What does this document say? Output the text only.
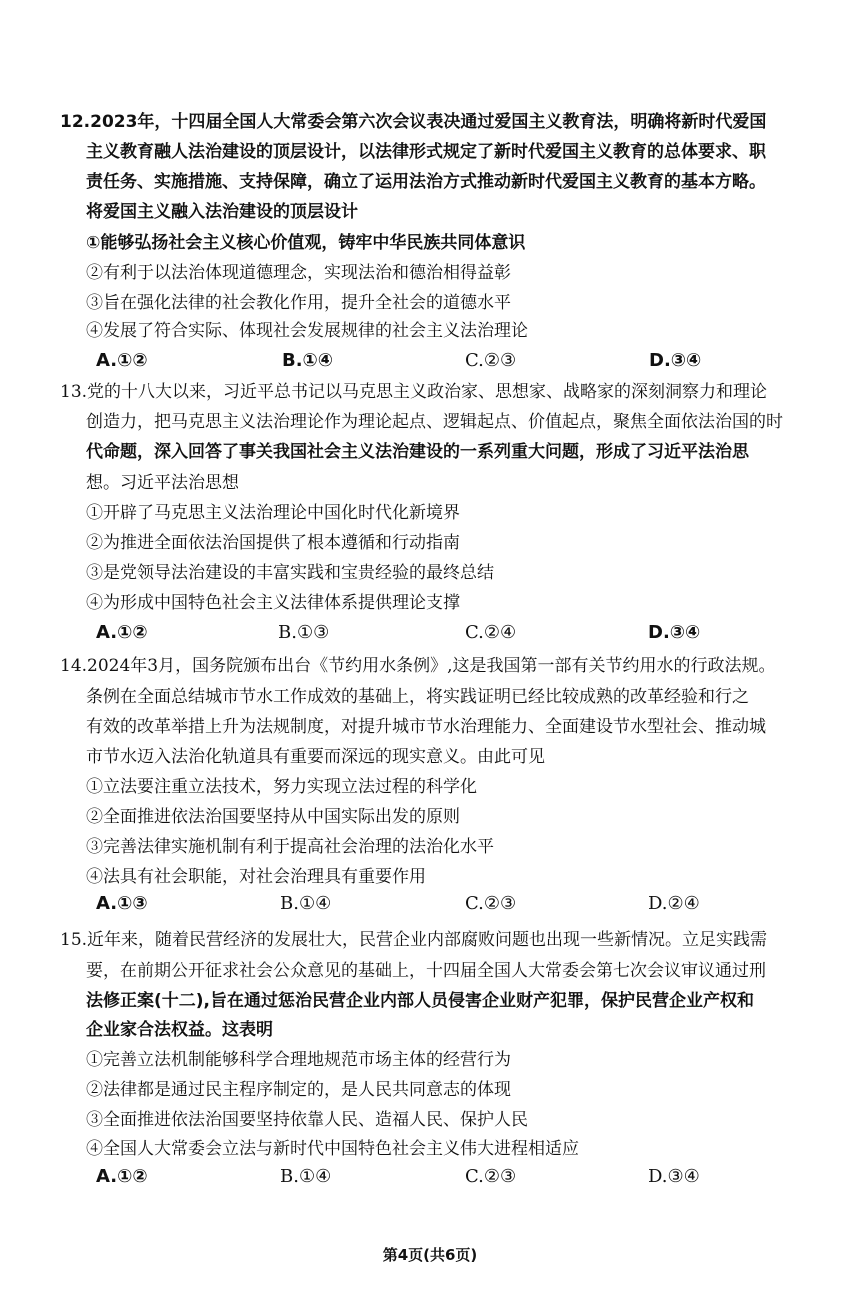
12.2023年，十四届全国人大常委会第六次会议表决通过爱国主义教育法，明确将新时代爱国
主义教育融人法治建设的顶层设计，以法律形式规定了新时代爱国主义教育的总体要求、职
责任务、实施措施、支持保障，确立了运用法治方式推动新时代爱国主义教育的基本方略。
将爱国主义融入法治建设的顶层设计
①能够弘扬社会主义核心价值观，铸牢中华民族共同体意识
②有利于以法治体现道德理念，实现法治和德治相得益彰
③旨在强化法律的社会教化作用，提升全社会的道德水平
④发展了符合实际、体现社会发展规律的社会主义法治理论
A.①②	B.①④	C.②③	D.③④
13.党的十八大以来，习近平总书记以马克思主义政治家、思想家、战略家的深刻洞察力和理论
创造力，把马克思主义法治理论作为理论起点、逻辑起点、价值起点，聚焦全面依法治国的时
代命题，深入回答了事关我国社会主义法治建设的一系列重大问题，形成了习近平法治思
想。习近平法治思想
①开辟了马克思主义法治理论中国化时代化新境界
②为推进全面依法治国提供了根本遵循和行动指南
③是党领导法治建设的丰富实践和宝贵经验的最终总结
④为形成中国特色社会主义法律体系提供理论支撑
A.①②	B.①③	C.②④	D.③④
14.2024年3月，国务院颁布出台《节约用水条例》,这是我国第一部有关节约用水的行政法规。
条例在全面总结城市节水工作成效的基础上，将实践证明已经比较成熟的改革经验和行之
有效的改革举措上升为法规制度，对提升城市节水治理能力、全面建设节水型社会、推动城
市节水迈入法治化轨道具有重要而深远的现实意义。由此可见
①立法要注重立法技术，努力实现立法过程的科学化
②全面推进依法治国要坚持从中国实际出发的原则
③完善法律实施机制有利于提高社会治理的法治化水平
④法具有社会职能，对社会治理具有重要作用
A.①③	B.①④	C.②③	D.②④
15.近年来，随着民营经济的发展壮大，民营企业内部腐败问题也出现一些新情况。立足实践需
要，在前期公开征求社会公众意见的基础上，十四届全国人大常委会第七次会议审议通过刑
法修正案(十二),旨在通过惩治民营企业内部人员侵害企业财产犯罪，保护民营企业产权和
企业家合法权益。这表明
①完善立法机制能够科学合理地规范市场主体的经营行为
②法律都是通过民主程序制定的，是人民共同意志的体现
③全面推进依法治国要坚持依靠人民、造福人民、保护人民
④全国人大常委会立法与新时代中国特色社会主义伟大进程相适应
A.①②	B.①④	C.②③	D.③④
第4页(共6页)
